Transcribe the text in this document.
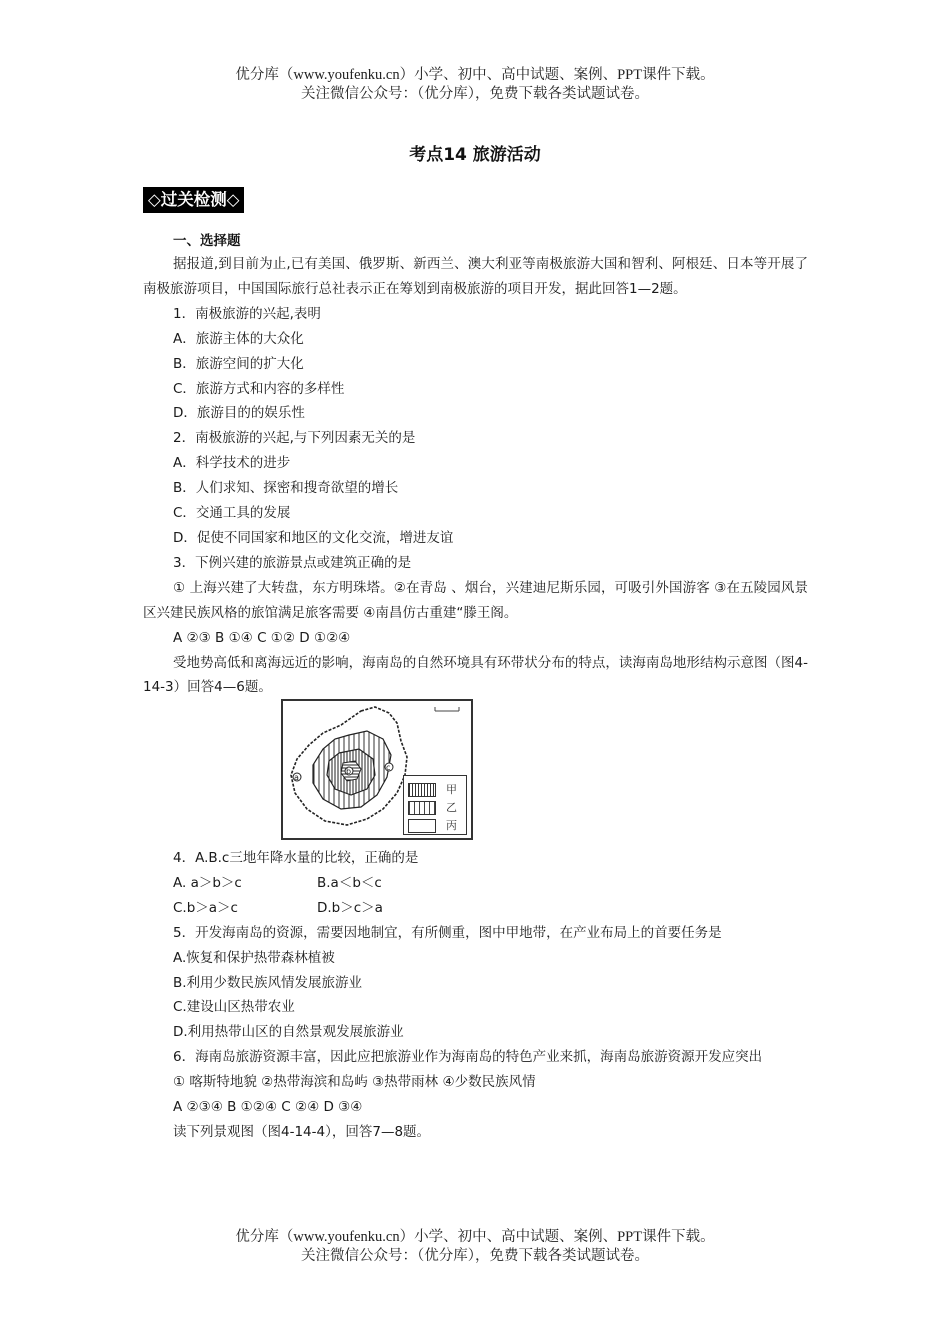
优分库（www.youfenku.cn）小学、初中、高中试题、案例、PPT课件下载。
关注微信公众号：（优分库），免费下载各类试题试卷。
考点14 旅游活动
◇过关检测◇
一、选择题

据报道,到目前为止,已有美国、俄罗斯、新西兰、澳大利亚等南极旅游大国和智利、阿根廷、日本等开展了南极旅游项目，中国国际旅行总社表示正在筹划到南极旅游的项目开发，据此回答1—2题。

1．南极旅游的兴起,表明

A．旅游主体的大众化

B．旅游空间的扩大化

C．旅游方式和内容的多样性

D．旅游目的的娱乐性

2．南极旅游的兴起,与下列因素无关的是

A．科学技术的进步

B．人们求知、探密和搜奇欲望的增长

C．交通工具的发展

D．促使不同国家和地区的文化交流，增进友谊

3．下例兴建的旅游景点或建筑正确的是

① 上海兴建了大转盘，东方明珠塔。②在青岛 、烟台，兴建迪尼斯乐园，可吸引外国游客 ③在五陵园风景区兴建民族风格的旅馆满足旅客需要 ④南昌仿古重建“滕王阁。

A ②③ B ①④ C ①② D ①②④

受地势高低和离海远近的影响，海南岛的自然环境具有环带状分布的特点，读海南岛地形结构示意图（图4-14-3）回答4—6题。

a
b	c
甲
乙
丙

4．A.B.c三地年降水量的比较，正确的是

A. a＞b＞c	B.a＜b＜c
C.b＞a＞c	D.b＞c＞a

5．开发海南岛的资源，需要因地制宜，有所侧重，图中甲地带，在产业布局上的首要任务是

A.恢复和保护热带森林植被

B.利用少数民族风情发展旅游业

C.建设山区热带农业

D.利用热带山区的自然景观发展旅游业

6．海南岛旅游资源丰富，因此应把旅游业作为海南岛的特色产业来抓，海南岛旅游资源开发应突出

① 喀斯特地貌 ②热带海滨和岛屿 ③热带雨林 ④少数民族风情

A ②③④ B ①②④ C ②④ D ③④

读下列景观图（图4-14-4），回答7—8题。

优分库（www.youfenku.cn）小学、初中、高中试题、案例、PPT课件下载。
关注微信公众号：（优分库），免费下载各类试题试卷。
